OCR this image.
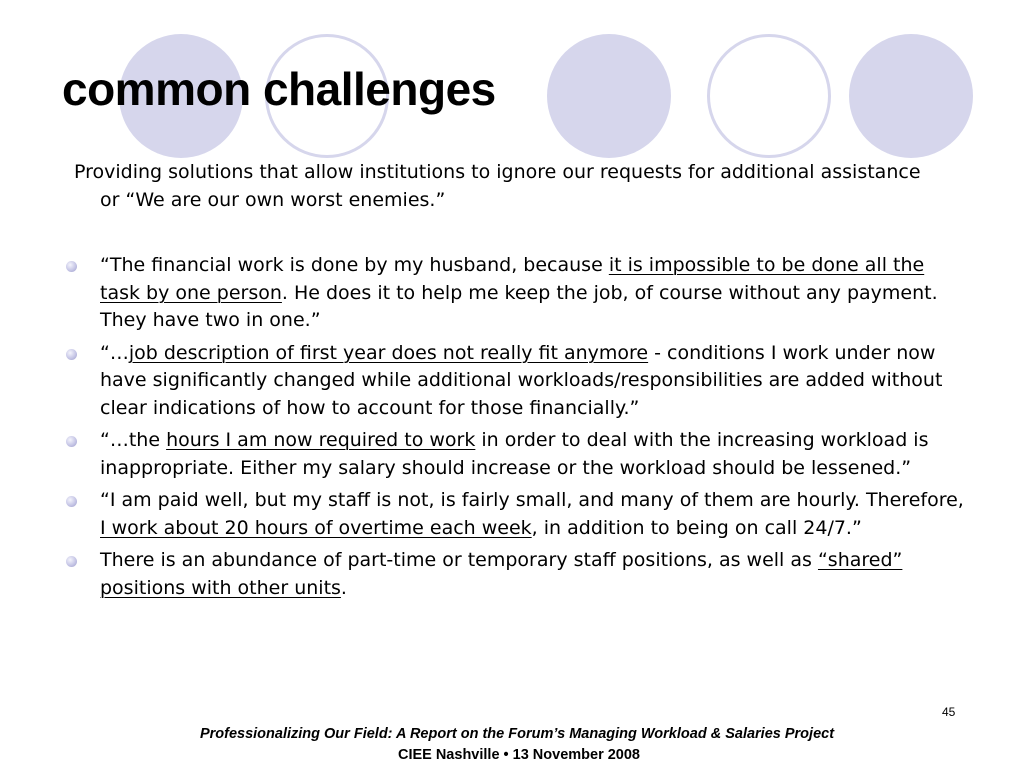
common challenges

Providing solutions that allow institutions to ignore our requests for additional assistance or “We are our own worst enemies.”

“The financial work is done by my husband, because it is impossible to be done all the task by one person. He does it to help me keep the job, of course without any payment. They have two in one.”
“…job description of first year does not really fit anymore - conditions I work under now have significantly changed while additional workloads/responsibilities are added without clear indications of how to account for those financially.”
“…the hours I am now required to work in order to deal with the increasing workload is inappropriate. Either my salary should increase or the workload should be lessened.”
“I am paid well, but my staff is not, is fairly small, and many of them are hourly. Therefore, I work about 20 hours of overtime each week, in addition to being on call 24/7.”
There is an abundance of part-time or temporary staff positions, as well as “shared” positions with other units.
45
Professionalizing Our Field: A Report on the Forum’s Managing Workload & Salaries Project
CIEE Nashville • 13 November 2008
